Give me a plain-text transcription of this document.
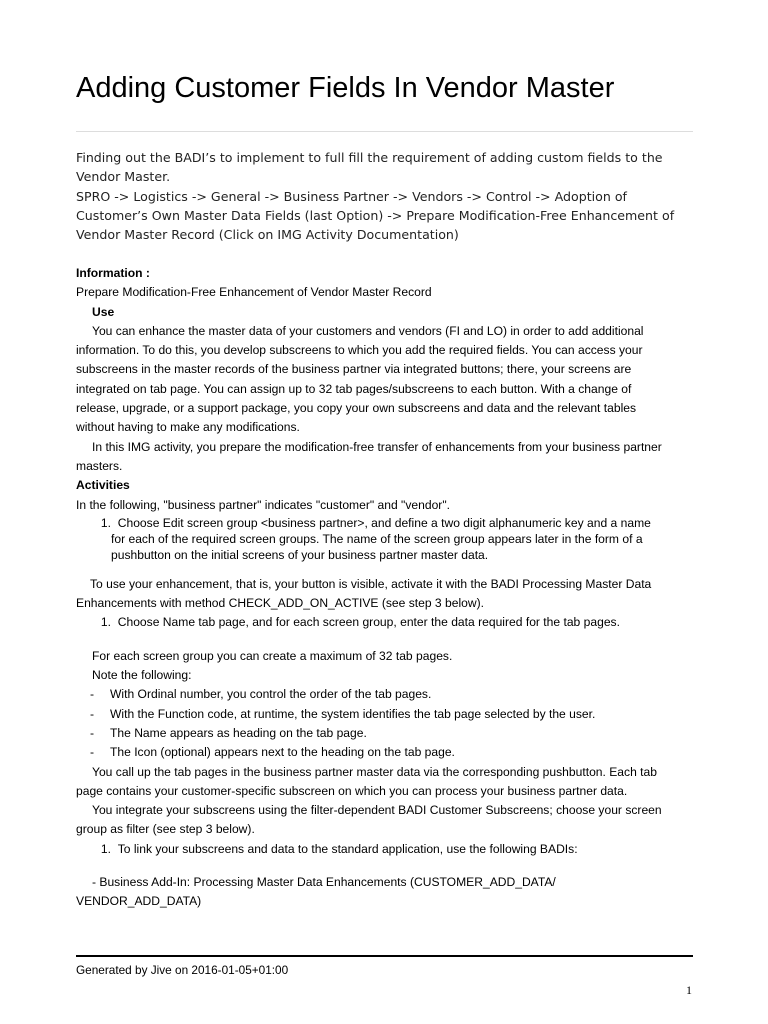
Adding Customer Fields In Vendor Master
Finding out the BADI’s to implement to full fill the requirement of adding custom fields to the
Vendor Master.
SPRO -> Logistics -> General -> Business Partner -> Vendors -> Control -> Adoption of
Customer’s Own Master Data Fields (last Option) -> Prepare Modification-Free Enhancement of
Vendor Master Record (Click on IMG Activity Documentation)
Information :
Prepare Modification-Free Enhancement of Vendor Master Record
Use
You can enhance the master data of your customers and vendors (FI and LO) in order to add additional
information. To do this, you develop subscreens to which you add the required fields. You can access your
subscreens in the master records of the business partner via integrated buttons; there, your screens are
integrated on tab page. You can assign up to 32 tab pages/subscreens to each button. With a change of
release, upgrade, or a support package, you copy your own subscreens and data and the relevant tables
without having to make any modifications.
In this IMG activity, you prepare the modification-free transfer of enhancements from your business partner
masters.
Activities
In the following, "business partner" indicates "customer" and "vendor".
1. Choose Edit screen group <business partner>, and define a two digit alphanumeric key and a name
for each of the required screen groups. The name of the screen group appears later in the form of a
pushbutton on the initial screens of your business partner master data.
To use your enhancement, that is, your button is visible, activate it with the BADI Processing Master Data
Enhancements with method CHECK_ADD_ON_ACTIVE (see step 3 below).
1. Choose Name tab page, and for each screen group, enter the data required for the tab pages.
For each screen group you can create a maximum of 32 tab pages.
Note the following:
-	With Ordinal number, you control the order of the tab pages.
-	With the Function code, at runtime, the system identifies the tab page selected by the user.
-	The Name appears as heading on the tab page.
-	The Icon (optional) appears next to the heading on the tab page.
You call up the tab pages in the business partner master data via the corresponding pushbutton. Each tab
page contains your customer-specific subscreen on which you can process your business partner data.
You integrate your subscreens using the filter-dependent BADI Customer Subscreens; choose your screen
group as filter (see step 3 below).
1. To link your subscreens and data to the standard application, use the following BADIs:
- Business Add-In: Processing Master Data Enhancements (CUSTOMER_ADD_DATA/
VENDOR_ADD_DATA)
Generated by Jive on 2016-01-05+01:00
1
